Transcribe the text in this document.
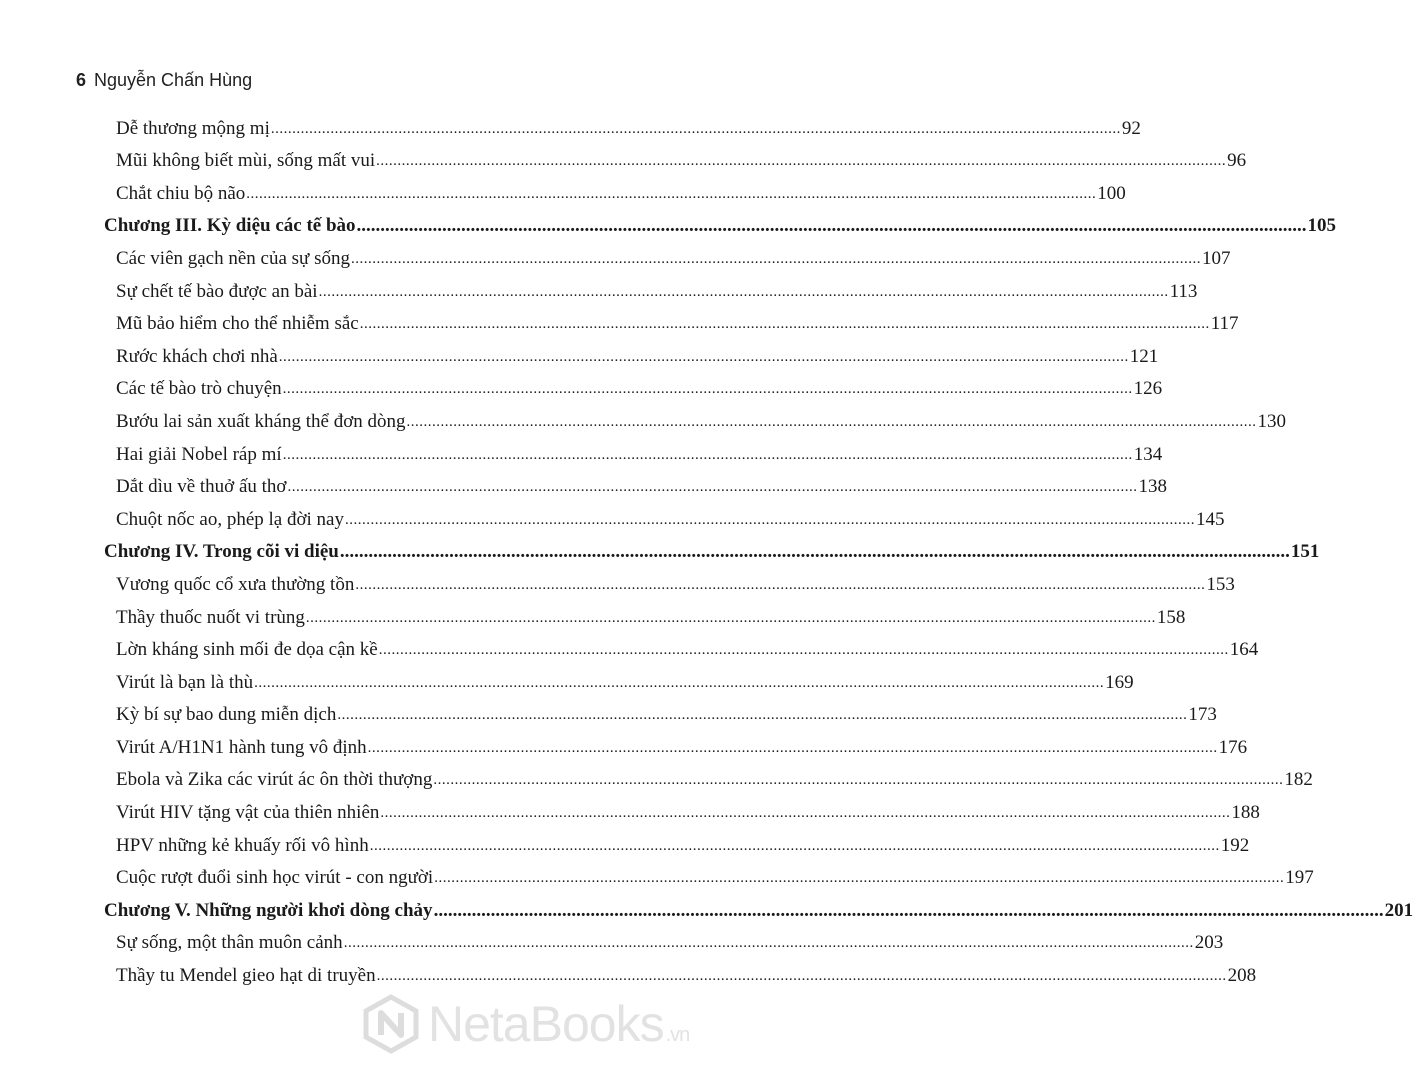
6 Nguyễn Chấn Hùng
Dễ thương mộng mị ........................................................................................................................................................................................................ 92
Mũi không biết mùi, sống mất vui ........................................................................................................................................................................................................ 96
Chắt chiu bộ não ........................................................................................................................................................................................................ 100
Chương III. Kỳ diệu các tế bào ........................................................................................................................................................................................................ 105
Các viên gạch nền của sự sống ........................................................................................................................................................................................................ 107
Sự chết tế bào được an bài ........................................................................................................................................................................................................ 113
Mũ bảo hiểm cho thể nhiễm sắc ........................................................................................................................................................................................................ 117
Rước khách chơi nhà ........................................................................................................................................................................................................ 121
Các tế bào trò chuyện ........................................................................................................................................................................................................ 126
Bướu lai sản xuất kháng thể đơn dòng ........................................................................................................................................................................................................ 130
Hai giải Nobel ráp mí ........................................................................................................................................................................................................ 134
Dắt dìu về thuở ấu thơ ........................................................................................................................................................................................................ 138
Chuột nốc ao, phép lạ đời nay ........................................................................................................................................................................................................ 145
Chương IV. Trong cõi vi diệu ........................................................................................................................................................................................................ 151
Vương quốc cổ xưa thường tồn ........................................................................................................................................................................................................ 153
Thầy thuốc nuốt vi trùng ........................................................................................................................................................................................................ 158
Lờn kháng sinh mối đe dọa cận kề ........................................................................................................................................................................................................ 164
Virút là bạn là thù ........................................................................................................................................................................................................ 169
Kỳ bí sự bao dung miễn dịch ........................................................................................................................................................................................................ 173
Virút A/H1N1 hành tung vô định ........................................................................................................................................................................................................ 176
Ebola và Zika các virút ác ôn thời thượng ........................................................................................................................................................................................................ 182
Virút HIV tặng vật của thiên nhiên ........................................................................................................................................................................................................ 188
HPV những kẻ khuấy rối vô hình ........................................................................................................................................................................................................ 192
Cuộc rượt đuổi sinh học virút - con người ........................................................................................................................................................................................................ 197
Chương V. Những người khơi dòng chảy ........................................................................................................................................................................................................ 201
Sự sống, một thân muôn cảnh ........................................................................................................................................................................................................ 203
Thầy tu Mendel gieo hạt di truyền ........................................................................................................................................................................................................ 208
NetaBooks .vn
